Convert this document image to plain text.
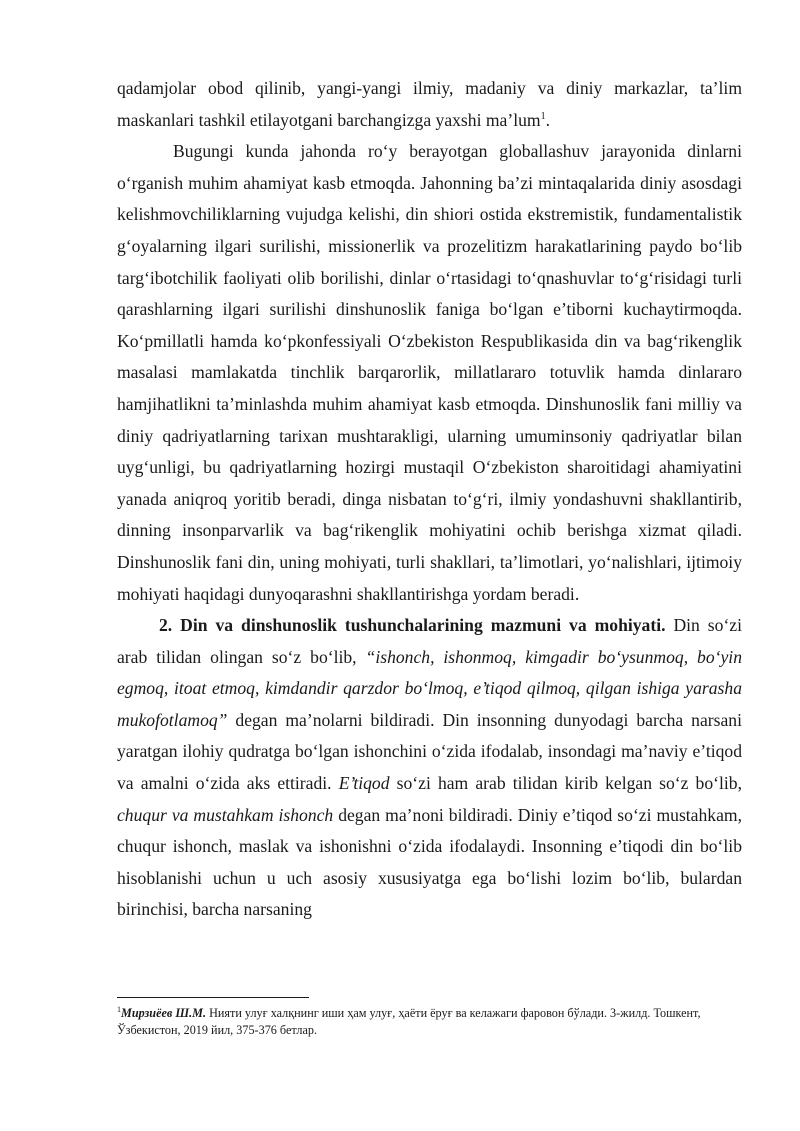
qadamjolar obod qilinib, yangi-yangi ilmiy, madaniy va diniy markazlar, ta’lim maskanlari tashkil etilayotgani barchangizga yaxshi ma’lum$^1$.

Bugungi kunda jahonda ro‘y berayotgan globallashuv jarayonida dinlarni o‘rganish muhim ahamiyat kasb etmoqda. Jahonning ba’zi mintaqalarida diniy asosdagi kelishmovchiliklarning vujudga kelishi, din shiori ostida ekstremistik, fundamentalistik g‘oyalarning ilgari surilishi, missionerlik va prozelitizm harakatlarining paydo bo‘lib targ‘ibotchilik faoliyati olib borilishi, dinlar o‘rtasidagi to‘qnashuvlar to‘g‘risidagi turli qarashlarning ilgari surilishi dinshunoslik faniga bo‘lgan e’tiborni kuchaytirmoqda. Ko‘pmillatli hamda ko‘pkonfessiyali O‘zbekiston Respublikasida din va bag‘rikenglik masalasi mamlakatda tinchlik barqarorlik, millatlararo totuvlik hamda dinlararo hamjihatlikni ta’minlashda muhim ahamiyat kasb etmoqda. Dinshunoslik fani milliy va diniy qadriyatlarning tarixan mushtarakligi, ularning umuminsoniy qadriyatlar bilan uyg‘unligi, bu qadriyatlarning hozirgi mustaqil O‘zbekiston sharoitidagi ahamiyatini yanada aniqroq yoritib beradi, dinga nisbatan to‘g‘ri, ilmiy yondashuvni shakllantirib, dinning insonparvarlik va bag‘rikenglik mohiyatini ochib berishga xizmat qiladi. Dinshunoslik fani din, uning mohiyati, turli shakllari, ta’limotlari, yo‘nalishlari, ijtimoiy mohiyati haqidagi dunyoqarashni shakllantirishga yordam beradi.

2. Din va dinshunoslik tushunchalarining mazmuni va mohiyati. Din so‘zi arab tilidan olingan so‘z bo‘lib, “ishonch, ishonmoq, kimgadir bo‘ysunmoq, bo‘yin egmoq, itoat etmoq, kimdandir qarzdor bo‘lmoq, e’tiqod qilmoq, qilgan ishiga yarasha mukofotlamoq” degan ma’nolarni bildiradi. Din insonning dunyodagi barcha narsani yaratgan ilohiy qudratga bo‘lgan ishonchini o‘zida ifodalab, insondagi ma’naviy e’tiqod va amalni o‘zida aks ettiradi. E’tiqod so‘zi ham arab tilidan kirib kelgan so‘z bo‘lib, chuqur va mustahkam ishonch degan ma’noni bildiradi. Diniy e’tiqod so‘zi mustahkam, chuqur ishonch, maslak va ishonishni o‘zida ifodalaydi. Insonning e’tiqodi din bo‘lib hisoblanishi uchun u uch asosiy xususiyatga ega bo‘lishi lozim bo‘lib, bulardan birinchisi, barcha narsaning

$^1$Мирзиёев Ш.М. Нияти улуғ халқнинг иши ҳам улуғ, ҳаёти ёруғ ва келажаги фаровон бўлади. 3-жилд. Тошкент, Ўзбекистон, 2019 йил, 375-376 бетлар.
